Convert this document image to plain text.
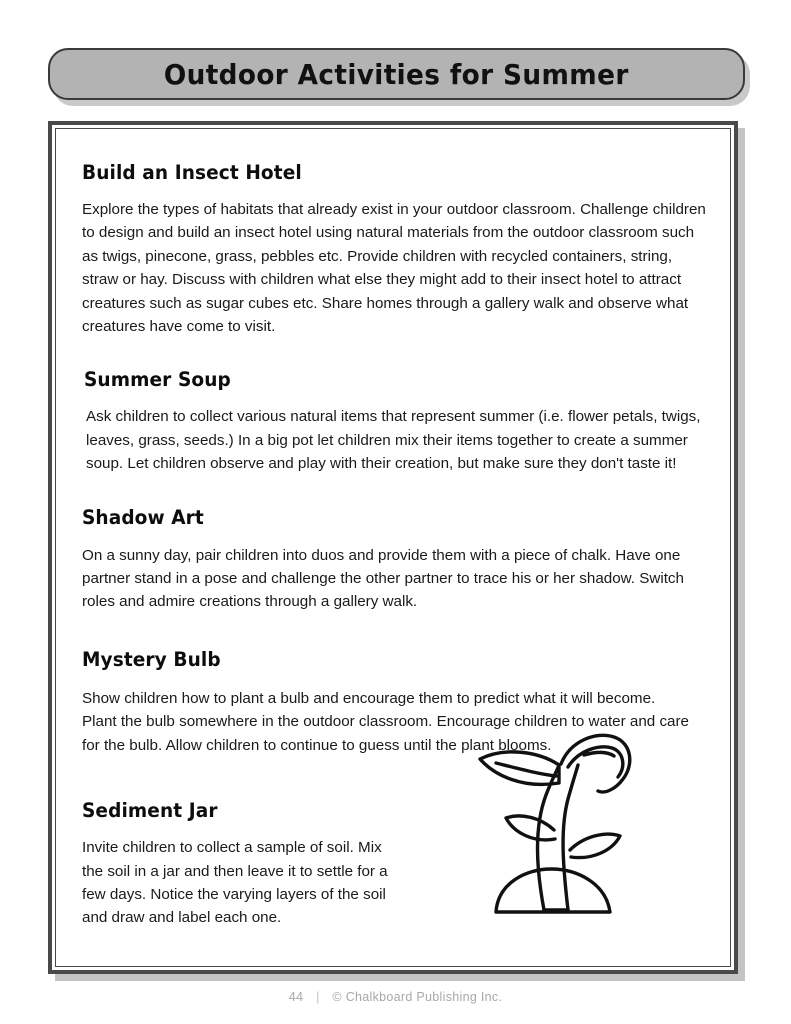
Outdoor Activities for Summer
Build an Insect Hotel

Explore the types of habitats that already exist in your outdoor classroom. Challenge children to design and build an insect hotel using natural materials from the outdoor classroom such as twigs, pinecone, grass, pebbles etc. Provide children with recycled containers, string, straw or hay. Discuss with children what else they might add to their insect hotel to attract creatures such as sugar cubes etc. Share homes through a gallery walk and observe what creatures have come to visit.

Summer Soup

Ask children to collect various natural items that represent summer (i.e. flower petals, twigs, leaves, grass, seeds.) In a big pot let children mix their items together to create a summer soup. Let children observe and play with their creation, but make sure they don't taste it!

Shadow Art

On a sunny day, pair children into duos and provide them with a piece of chalk. Have one partner stand in a pose and challenge the other partner to trace his or her shadow. Switch roles and admire creations through a gallery walk.

Mystery Bulb

Show children how to plant a bulb and encourage them to predict what it will become. Plant the bulb somewhere in the outdoor classroom. Encourage children to water and care for the bulb. Allow children to continue to guess until the plant blooms.

Sediment Jar

Invite children to collect a sample of soil. Mix the soil in a jar and then leave it to settle for a few days. Notice the varying layers of the soil and draw and label each one.

44 | © Chalkboard Publishing Inc.
